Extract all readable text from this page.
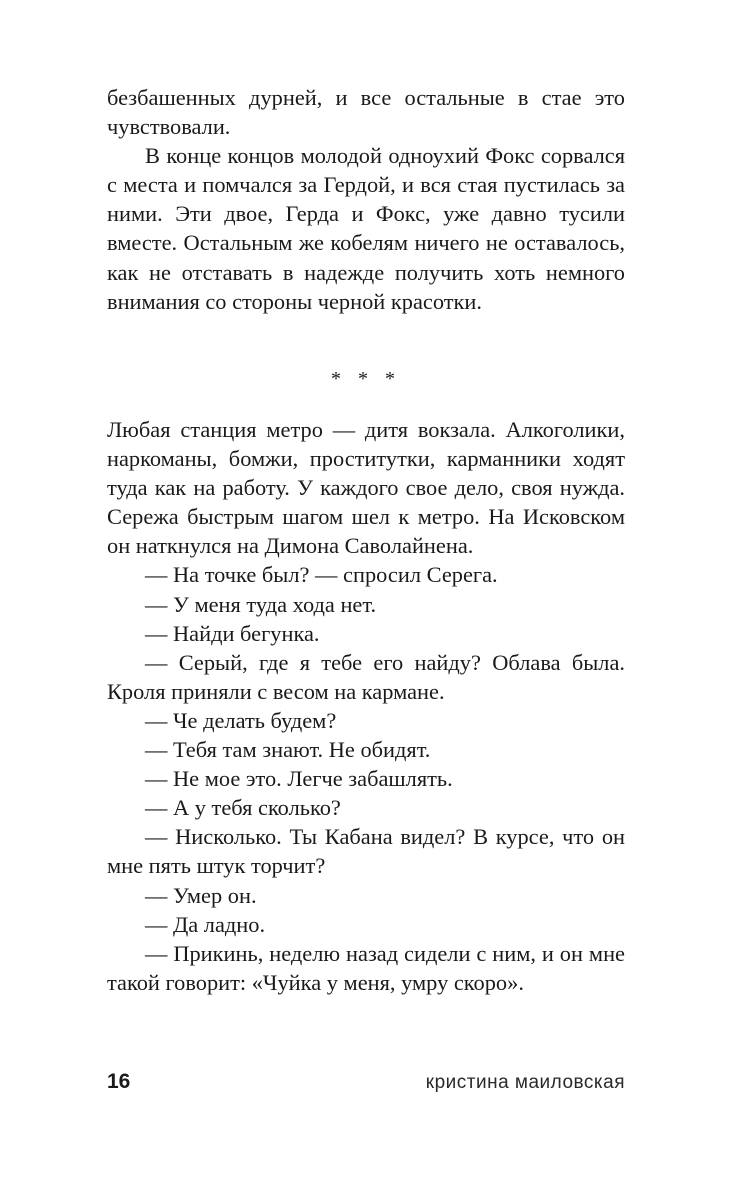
безбашенных дурней, и все остальные в стае это чувствовали.

В конце концов молодой одноухий Фокс сорвался с места и помчался за Гердой, и вся стая пустилась за ними. Эти двое, Герда и Фокс, уже давно тусили вместе. Остальным же кобелям ничего не оставалось, как не отставать в надежде получить хоть немного внимания со стороны черной красотки.

* * *

Любая станция метро — дитя вокзала. Алкоголики, наркоманы, бомжи, проститутки, карманники ходят туда как на работу. У каждого свое дело, своя нужда. Сережа быстрым шагом шел к метро. На Исковском он наткнулся на Димона Саволайнена.

— На точке был? — спросил Серега.

— У меня туда хода нет.

— Найди бегунка.

— Серый, где я тебе его найду? Облава была. Кроля приняли с весом на кармане.

— Че делать будем?

— Тебя там знают. Не обидят.

— Не мое это. Легче забашлять.

— А у тебя сколько?

— Нисколько. Ты Кабана видел? В курсе, что он мне пять штук торчит?

— Умер он.

— Да ладно.

— Прикинь, неделю назад сидели с ним, и он мне такой говорит: «Чуйка у меня, умру скоро».

16	кристина маиловская
